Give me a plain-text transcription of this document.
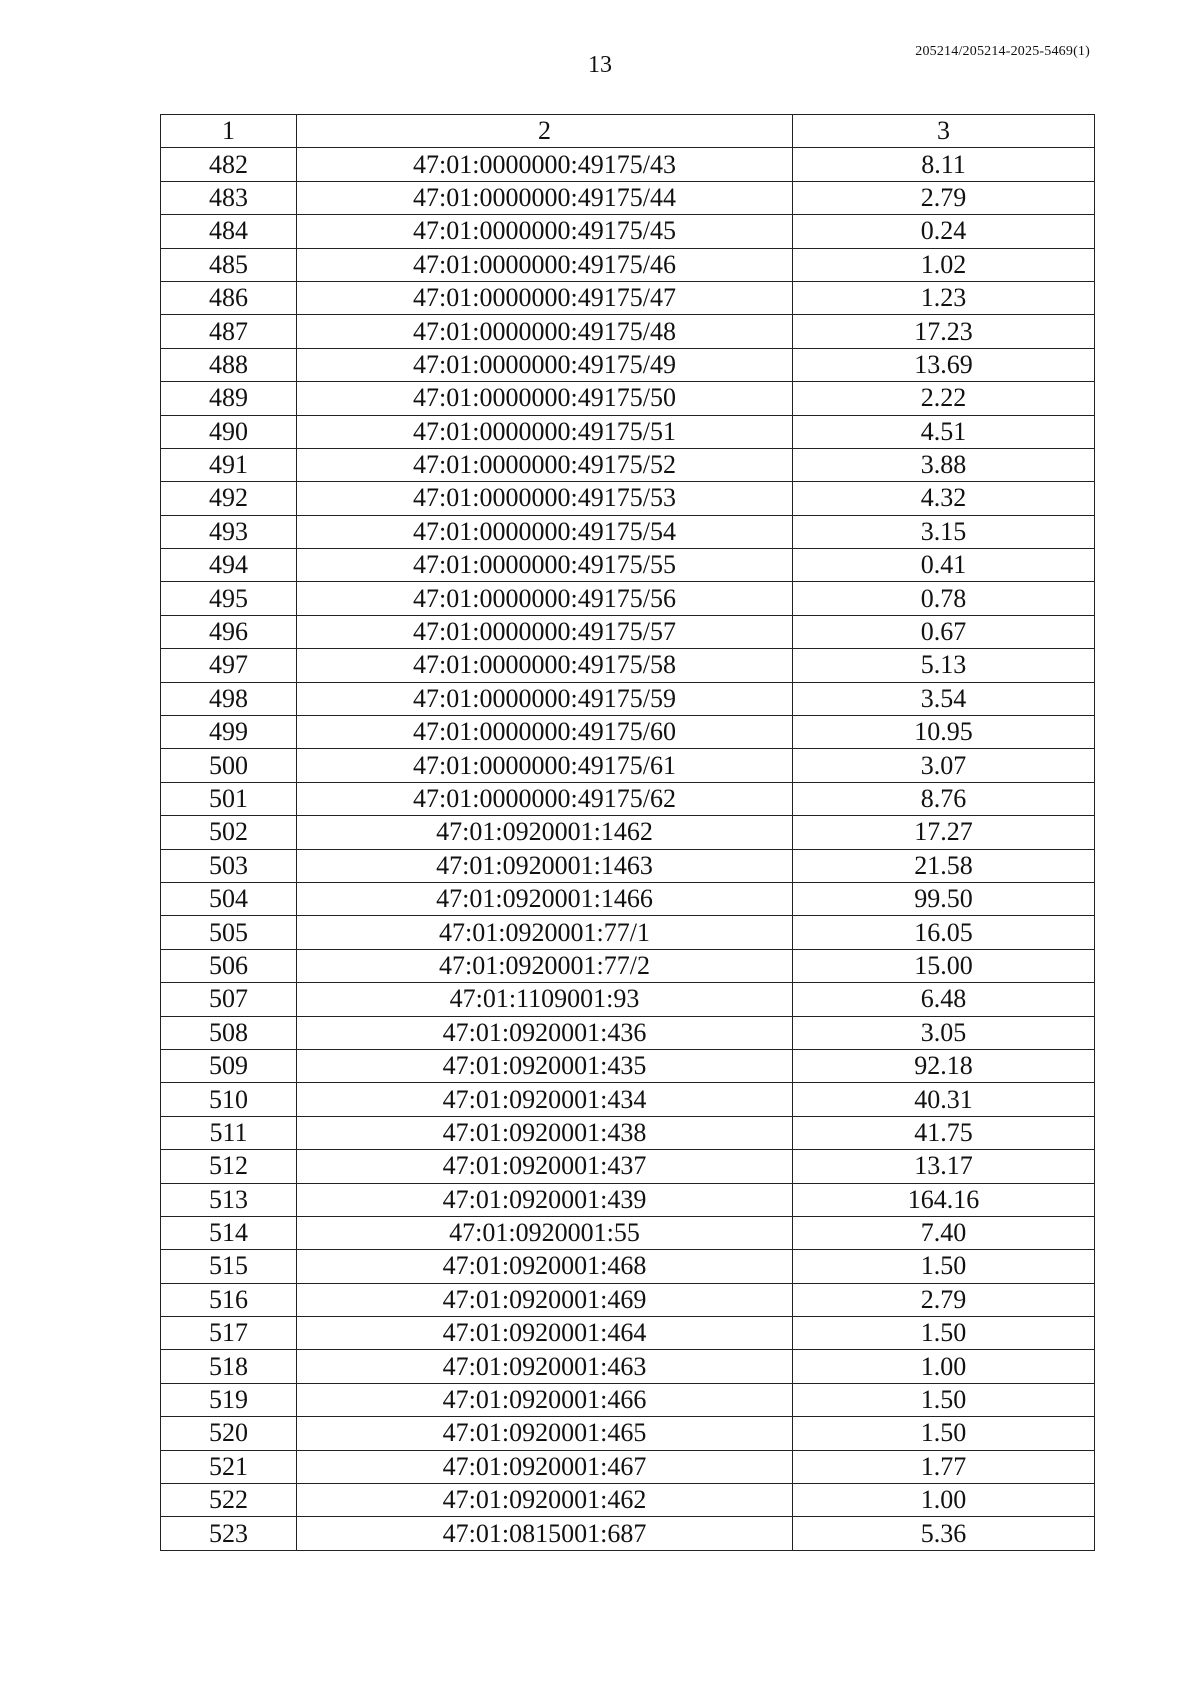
13
205214/205214-2025-5469(1)
1	2	3
482	47:01:0000000:49175/43	8.11
483	47:01:0000000:49175/44	2.79
484	47:01:0000000:49175/45	0.24
485	47:01:0000000:49175/46	1.02
486	47:01:0000000:49175/47	1.23
487	47:01:0000000:49175/48	17.23
488	47:01:0000000:49175/49	13.69
489	47:01:0000000:49175/50	2.22
490	47:01:0000000:49175/51	4.51
491	47:01:0000000:49175/52	3.88
492	47:01:0000000:49175/53	4.32
493	47:01:0000000:49175/54	3.15
494	47:01:0000000:49175/55	0.41
495	47:01:0000000:49175/56	0.78
496	47:01:0000000:49175/57	0.67
497	47:01:0000000:49175/58	5.13
498	47:01:0000000:49175/59	3.54
499	47:01:0000000:49175/60	10.95
500	47:01:0000000:49175/61	3.07
501	47:01:0000000:49175/62	8.76
502	47:01:0920001:1462	17.27
503	47:01:0920001:1463	21.58
504	47:01:0920001:1466	99.50
505	47:01:0920001:77/1	16.05
506	47:01:0920001:77/2	15.00
507	47:01:1109001:93	6.48
508	47:01:0920001:436	3.05
509	47:01:0920001:435	92.18
510	47:01:0920001:434	40.31
511	47:01:0920001:438	41.75
512	47:01:0920001:437	13.17
513	47:01:0920001:439	164.16
514	47:01:0920001:55	7.40
515	47:01:0920001:468	1.50
516	47:01:0920001:469	2.79
517	47:01:0920001:464	1.50
518	47:01:0920001:463	1.00
519	47:01:0920001:466	1.50
520	47:01:0920001:465	1.50
521	47:01:0920001:467	1.77
522	47:01:0920001:462	1.00
523	47:01:0815001:687	5.36
